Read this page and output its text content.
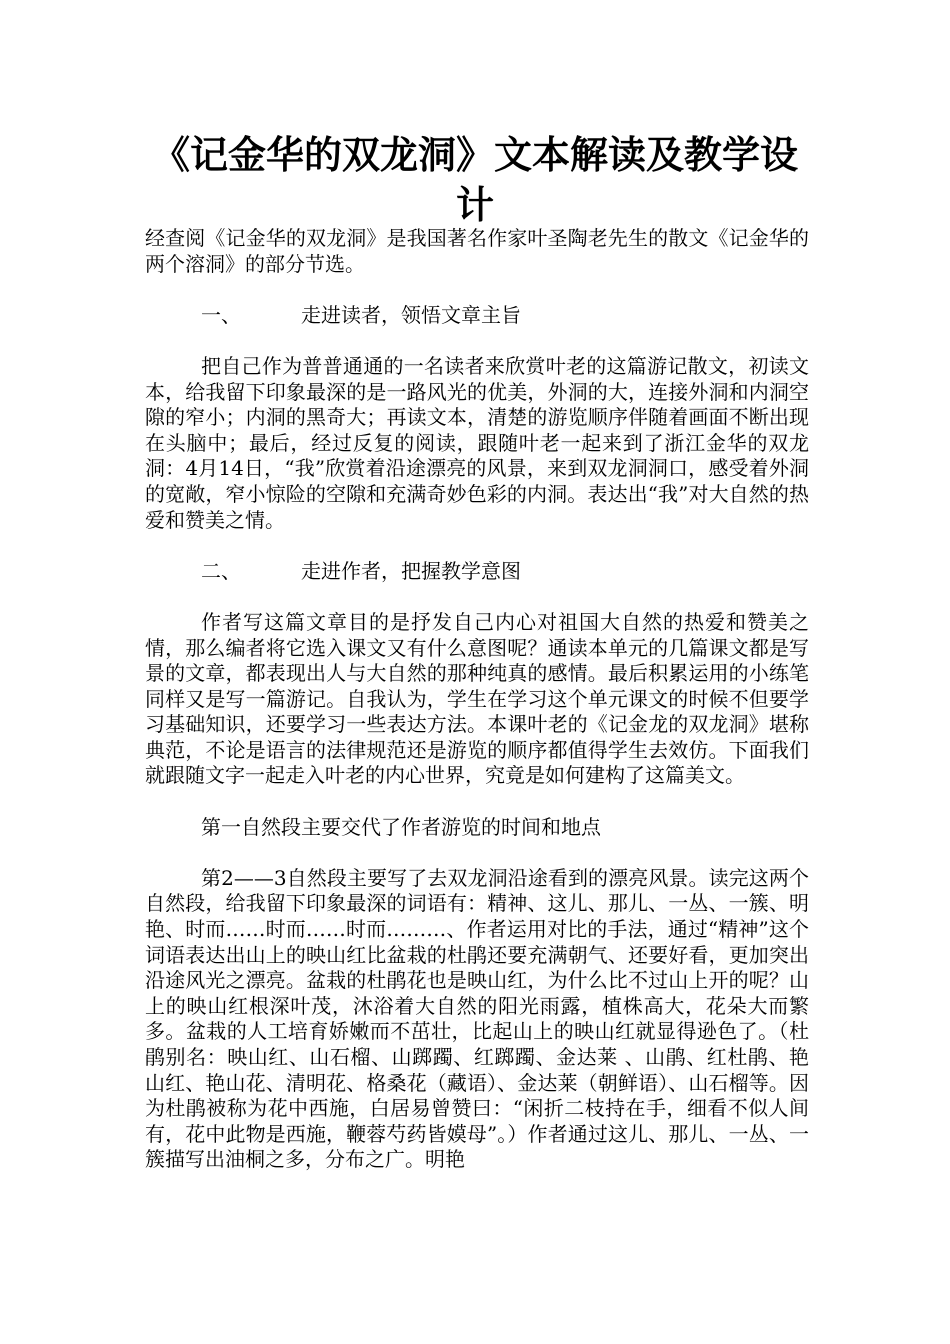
《记金华的双龙洞》文本解读及教学设计

经查阅《记金华的双龙洞》是我国著名作家叶圣陶老先生的散文《记金华的两个溶洞》的部分节选。

一、	走进读者，领悟文章主旨

把自己作为普普通通的一名读者来欣赏叶老的这篇游记散文，初读文本，给我留下印象最深的是一路风光的优美，外洞的大，连接外洞和内洞空隙的窄小；内洞的黑奇大；再读文本，清楚的游览顺序伴随着画面不断出现在头脑中；最后，经过反复的阅读，跟随叶老一起来到了浙江金华的双龙洞：4月14日，“我”欣赏着沿途漂亮的风景，来到双龙洞洞口，感受着外洞的宽敞，窄小惊险的空隙和充满奇妙色彩的内洞。表达出“我”对大自然的热爱和赞美之情。

二、	走进作者，把握教学意图

作者写这篇文章目的是抒发自己内心对祖国大自然的热爱和赞美之情，那么编者将它选入课文又有什么意图呢？通读本单元的几篇课文都是写景的文章，都表现出人与大自然的那种纯真的感情。最后积累运用的小练笔同样又是写一篇游记。自我认为，学生在学习这个单元课文的时候不但要学习基础知识，还要学习一些表达方法。本课叶老的《记金龙的双龙洞》堪称典范，不论是语言的法律规范还是游览的顺序都值得学生去效仿。下面我们就跟随文字一起走入叶老的内心世界，究竟是如何建构了这篇美文。

第一自然段主要交代了作者游览的时间和地点

第2——3自然段主要写了去双龙洞沿途看到的漂亮风景。读完这两个自然段，给我留下印象最深的词语有：精神、这儿、那儿、一丛、一簇、明艳、时而……时而……时而………、作者运用对比的手法，通过“精神”这个词语表达出山上的映山红比盆栽的杜鹃还要充满朝气、还要好看，更加突出沿途风光之漂亮。盆栽的杜鹃花也是映山红，为什么比不过山上开的呢？山上的映山红根深叶茂，沐浴着大自然的阳光雨露，植株高大，花朵大而繁多。盆栽的人工培育娇嫩而不茁壮，比起山上的映山红就显得逊色了。（杜鹃别名：映山红、山石榴、山踯躅、红踯躅、金达莱 、山鹃、红杜鹃、艳山红、艳山花、清明花、格桑花（藏语）、金达莱（朝鲜语）、山石榴等。因为杜鹃被称为花中西施，白居易曾赞曰：“闲折二枝持在手，细看不似人间有，花中此物是西施，鞭蓉芍药皆嫫母”。）作者通过这儿、那儿、一丛、一簇描写出油桐之多，分布之广。明艳
